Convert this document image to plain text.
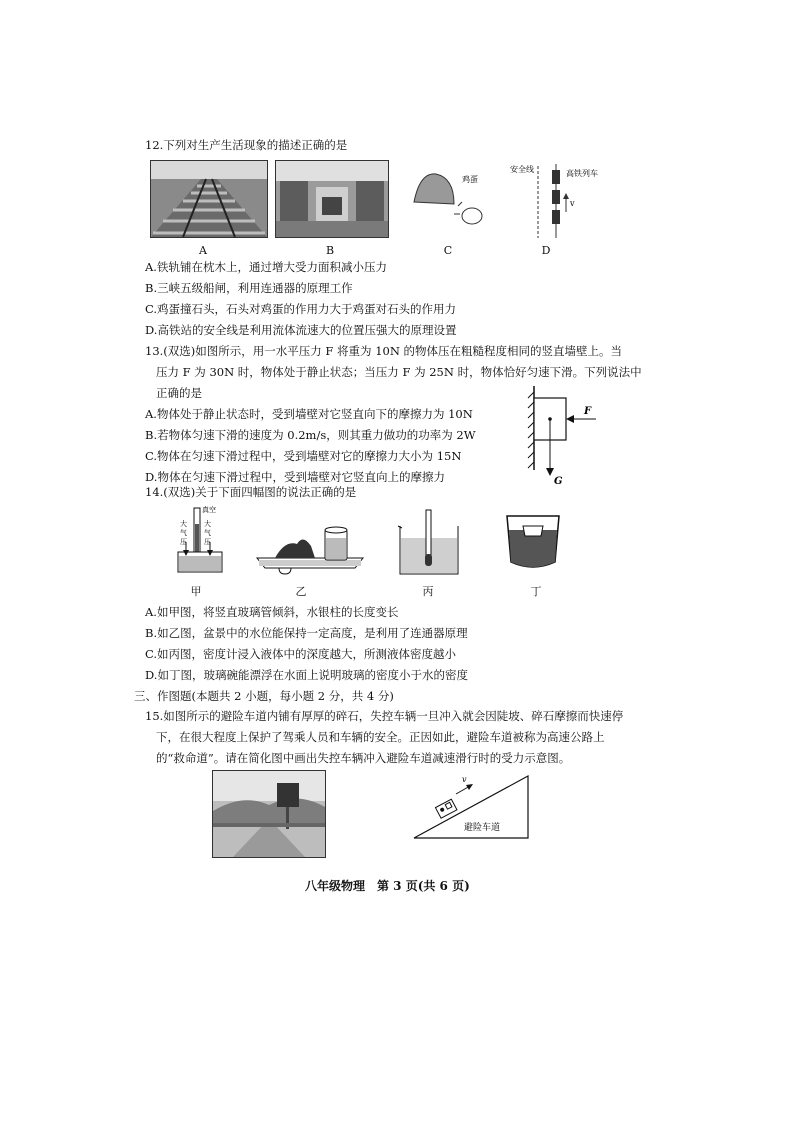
12.下列对生产生活现象的描述正确的是
鸡蛋
安全线	高铁列车
v
A	B	C	D
A.铁轨铺在枕木上，通过增大受力面积减小压力
B.三峡五级船闸，利用连通器的原理工作
C.鸡蛋撞石头，石头对鸡蛋的作用力大于鸡蛋对石头的作用力
D.高铁站的安全线是利用流体流速大的位置压强大的原理设置
13.(双选)如图所示，用一水平压力 F 将重为 10N 的物体压在粗糙程度相同的竖直墙壁上。当
压力 F 为 30N 时，物体处于静止状态；当压力 F 为 25N 时，物体恰好匀速下滑。下列说法中
正确的是
A.物体处于静止状态时，受到墙壁对它竖直向下的摩擦力为 10N
B.若物体匀速下滑的速度为 0.2m/s，则其重力做功的功率为 2W
C.物体在匀速下滑过程中，受到墙壁对它的摩擦力大小为 15N
D.物体在匀速下滑过程中，受到墙壁对它竖直向上的摩擦力
F
G
14.(双选)关于下面四幅图的说法正确的是
真空
大
气
压
大
气
压
甲	乙	丙	丁
A.如甲图，将竖直玻璃管倾斜，水银柱的长度变长
B.如乙图，盆景中的水位能保持一定高度，是利用了连通器原理
C.如丙图，密度计浸入液体中的深度越大，所测液体密度越小
D.如丁图，玻璃碗能漂浮在水面上说明玻璃的密度小于水的密度
三、作图题(本题共 2 小题，每小题 2 分，共 4 分)
15.如图所示的避险车道内铺有厚厚的碎石，失控车辆一旦冲入就会因陡坡、碎石摩擦而快速停
下，在很大程度上保护了驾乘人员和车辆的安全。正因如此，避险车道被称为高速公路上
的“救命道”。请在简化图中画出失控车辆冲入避险车道减速滑行时的受力示意图。
v
避险车道
八年级物理　第 3 页(共 6 页)
